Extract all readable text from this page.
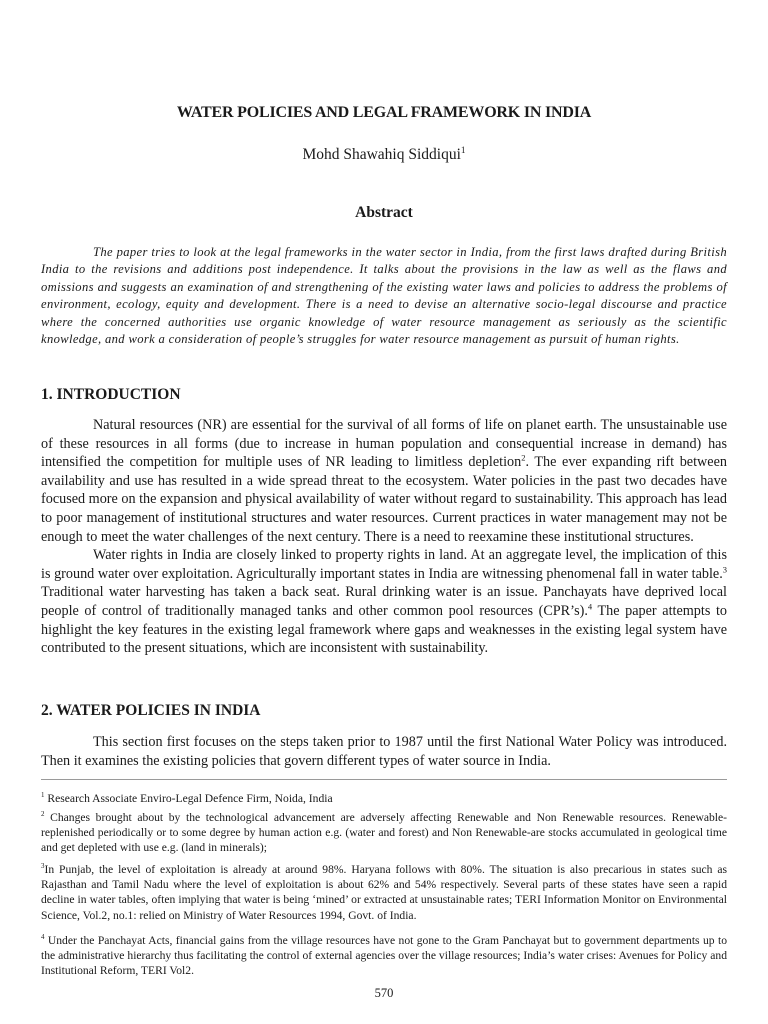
WATER POLICIES AND LEGAL FRAMEWORK IN INDIA
Mohd Shawahiq Siddiqui$^1$
Abstract

The paper tries to look at the legal frameworks in the water sector in India, from the first laws drafted during British India to the revisions and additions post independence. It talks about the provisions in the law as well as the flaws and omissions and suggests an examination of and strengthening of the existing water laws and policies to address the problems of environment, ecology, equity and development. There is a need to devise an alternative socio-legal discourse and practice where the concerned authorities use organic knowledge of water resource management as seriously as the scientific knowledge, and work a consideration of people’s struggles for water resource management as pursuit of human rights.

1. INTRODUCTION

Natural resources (NR) are essential for the survival of all forms of life on planet earth. The unsustainable use of these resources in all forms (due to increase in human population and consequential increase in demand) has intensified the competition for multiple uses of NR leading to limitless depletion$^2$. The ever expanding rift between availability and use has resulted in a wide spread threat to the ecosystem. Water policies in the past two decades have focused more on the expansion and physical availability of water without regard to sustainability. This approach has lead to poor management of institutional structures and water resources. Current practices in water management may not be enough to meet the water challenges of the next century. There is a need to reexamine these institutional structures.

Water rights in India are closely linked to property rights in land. At an aggregate level, the implication of this is ground water over exploitation. Agriculturally important states in India are witnessing phenomenal fall in water table.$^3$ Traditional water harvesting has taken a back seat. Rural drinking water is an issue. Panchayats have deprived local people of control of traditionally managed tanks and other common pool resources (CPR’s).$^4$ The paper attempts to highlight the key features in the existing legal framework where gaps and weaknesses in the existing legal system have contributed to the present situations, which are inconsistent with sustainability.

2. WATER POLICIES IN INDIA

This section first focuses on the steps taken prior to 1987 until the first National Water Policy was introduced. Then it examines the existing policies that govern different types of water source in India.

$^1$ Research Associate Enviro-Legal Defence Firm, Noida, India

$^2$ Changes brought about by the technological advancement are adversely affecting Renewable and Non Renewable resources. Renewable- replenished periodically or to some degree by human action e.g. (water and forest) and Non Renewable-are stocks accumulated in geological time and get depleted with use e.g. (land in minerals);

$^3$In Punjab, the level of exploitation is already at around 98%. Haryana follows with 80%. The situation is also precarious in states such as Rajasthan and Tamil Nadu where the level of exploitation is about 62% and 54% respectively. Several parts of these states have seen a rapid decline in water tables, often implying that water is being ‘mined’ or extracted at unsustainable rates; TERI Information Monitor on Environmental Science, Vol.2, no.1: relied on Ministry of Water Resources 1994, Govt. of India.

$^4$ Under the Panchayat Acts, financial gains from the village resources have not gone to the Gram Panchayat but to government departments up to the administrative hierarchy thus facilitating the control of external agencies over the village resources; India’s water crises: Avenues for Policy and Institutional Reform, TERI Vol2.

570
